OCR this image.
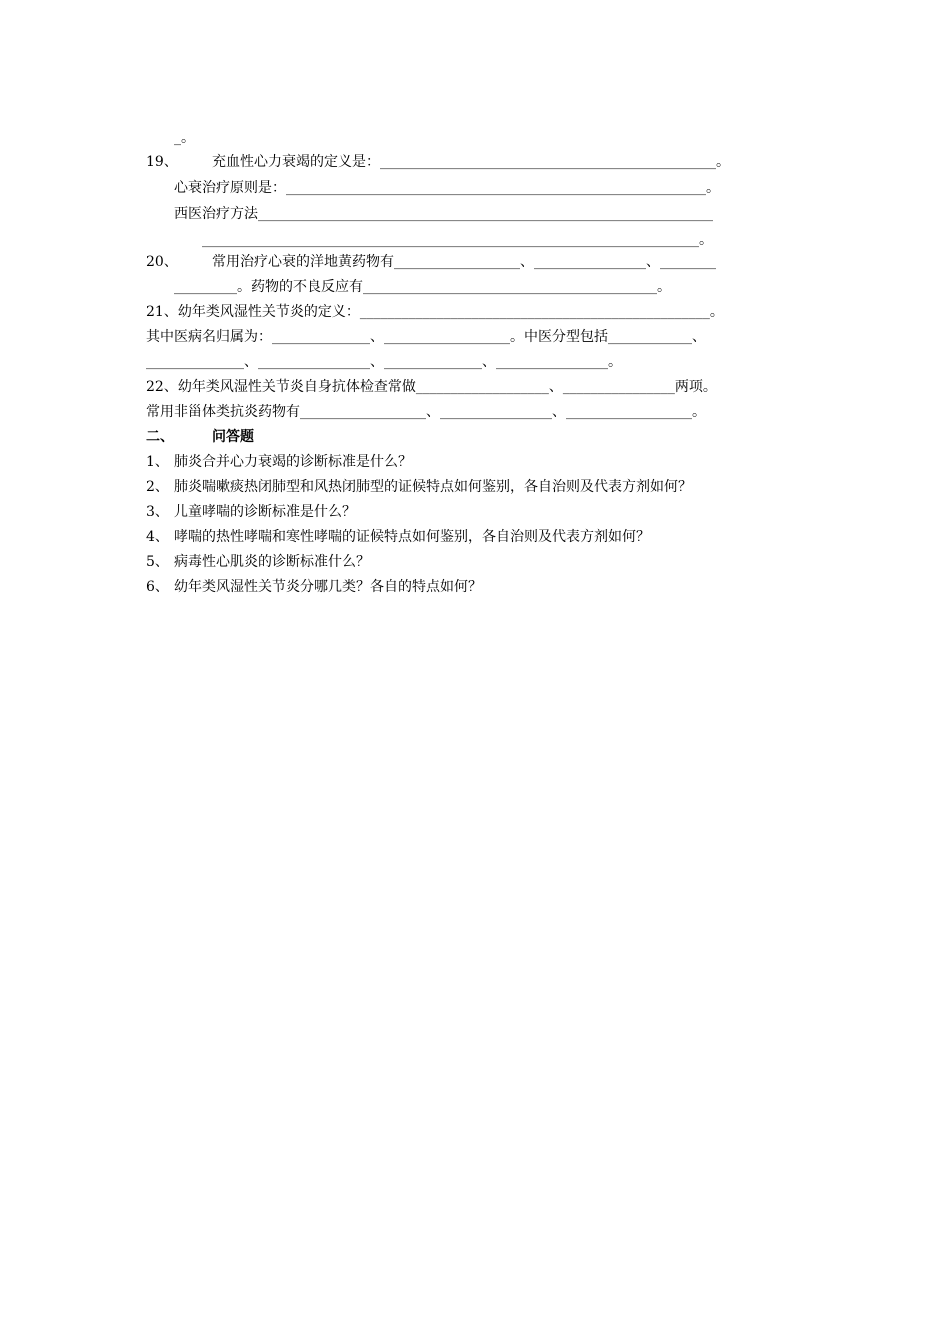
_。
19、 充血性心力衰竭的定义是：________________________________________________。
心衰治疗原则是：____________________________________________________________。
西医治疗方法_________________________________________________________________
_______________________________________________________________________。
20、 常用治疗心衰的洋地黄药物有__________________、________________、________
_________。药物的不良反应有__________________________________________。
21、幼年类风湿性关节炎的定义：__________________________________________________。
其中医病名归属为：______________、__________________。中医分型包括____________、
______________、________________、______________、________________。
22、幼年类风湿性关节炎自身抗体检查常做___________________、________________两项。
常用非甾体类抗炎药物有__________________、________________、__________________。
二、	问答题
1、 肺炎合并心力衰竭的诊断标准是什么？
2、 肺炎喘嗽痰热闭肺型和风热闭肺型的证候特点如何鉴别，各自治则及代表方剂如何？
3、 儿童哮喘的诊断标准是什么？
4、 哮喘的热性哮喘和寒性哮喘的证候特点如何鉴别，各自治则及代表方剂如何？
5、 病毒性心肌炎的诊断标准什么？
6、 幼年类风湿性关节炎分哪几类？各自的特点如何？
